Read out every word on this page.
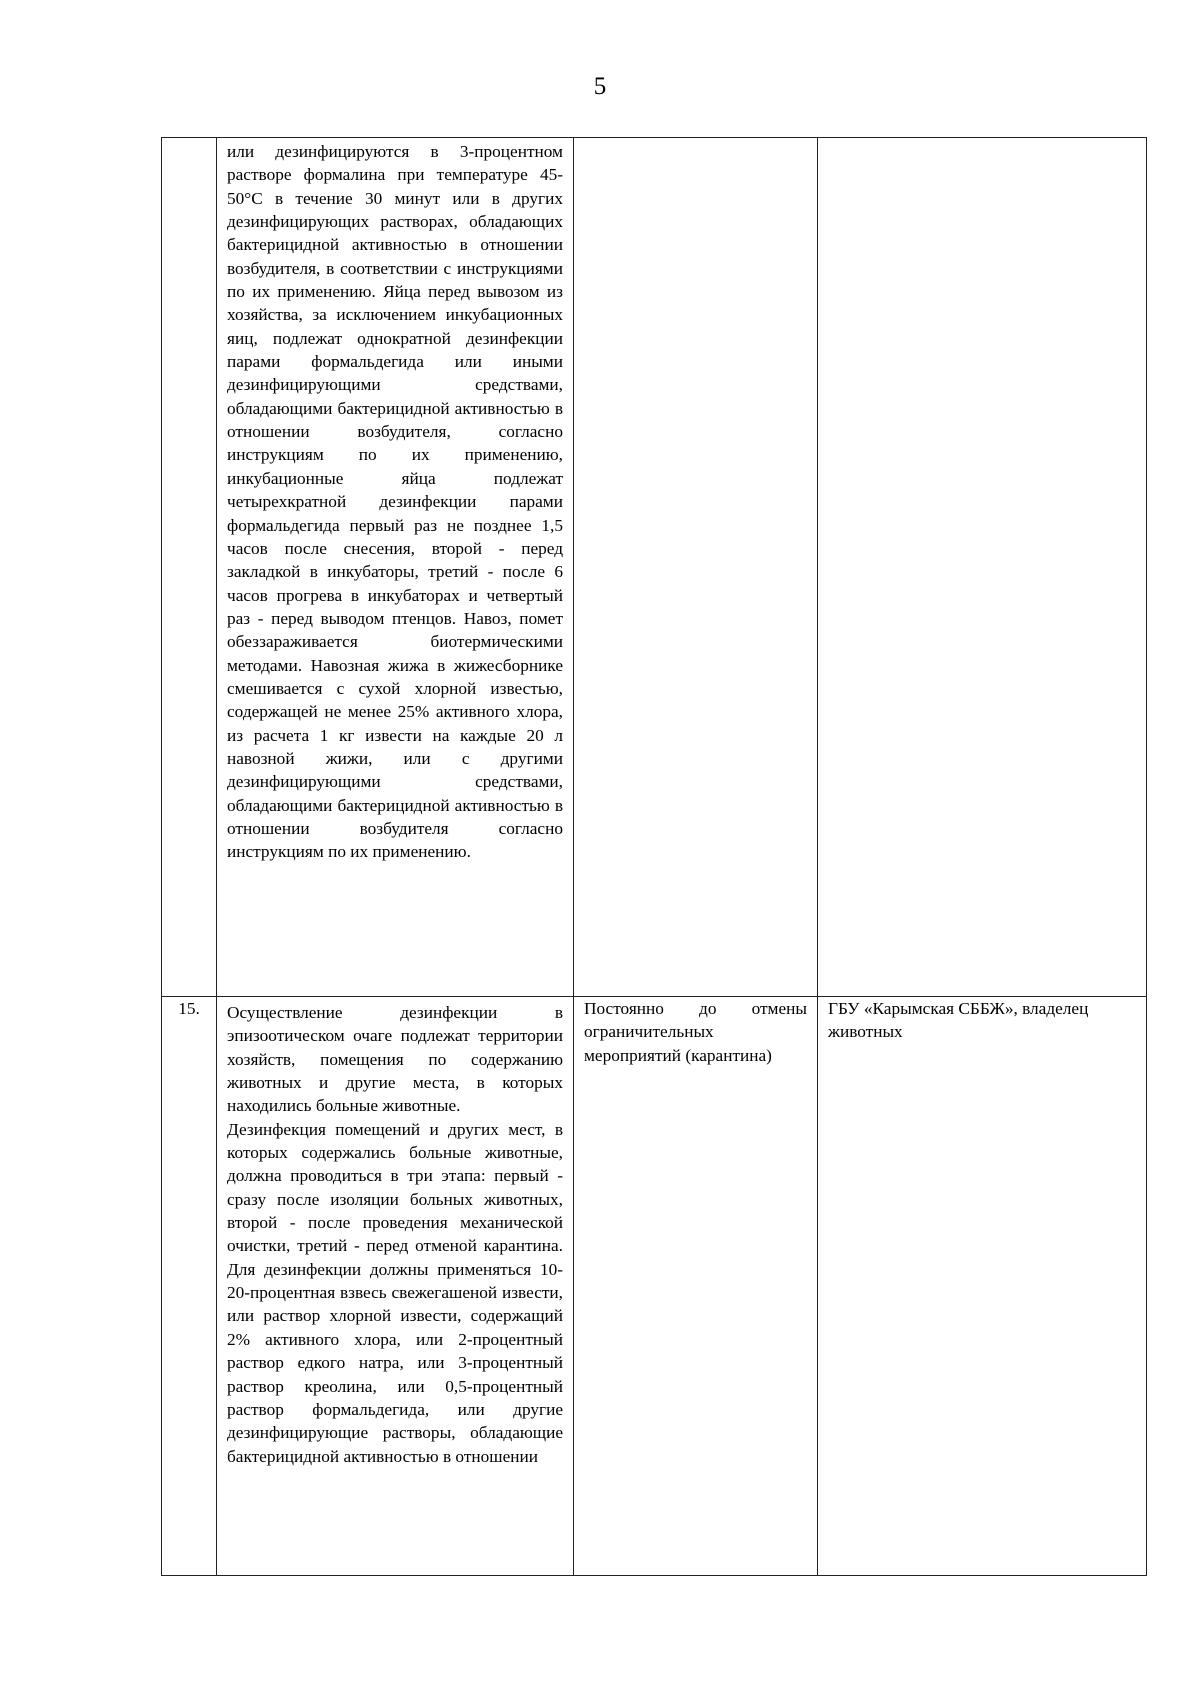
5

	или дезинфицируются в 3-процентном растворе формалина при температуре 45-50°C в течение 30 минут или в других дезинфицирующих растворах, обладающих бактерицидной активностью в отношении возбудителя, в соответствии с инструкциями по их применению. Яйца перед вывозом из хозяйства, за исключением инкубационных яиц, подлежат однократной дезинфекции парами формальдегида или иными дезинфицирующими средствами, обладающими бактерицидной активностью в отношении возбудителя, согласно инструкциям по их применению, инкубационные яйца подлежат четырехкратной дезинфекции парами формальдегида первый раз не позднее 1,5 часов после снесения, второй - перед закладкой в инкубаторы, третий - после 6 часов прогрева в инкубаторах и четвертый раз - перед выводом птенцов. Навоз, помет обеззараживается биотермическими методами. Навозная жижа в жижесборнике смешивается с сухой хлорной известью, содержащей не менее 25% активного хлора, из расчета 1 кг извести на каждые 20 л навозной жижи, или с другими дезинфицирующими средствами, обладающими бактерицидной активностью в отношении возбудителя согласно инструкциям по их применению.		

15.	Осуществление дезинфекции в эпизоотическом очаге подлежат территории хозяйств, помещения по содержанию животных и другие места, в которых находились больные животные.

Дезинфекция помещений и других мест, в которых содержались больные животные, должна проводиться в три этапа: первый - сразу после изоляции больных животных, второй - после проведения механической очистки, третий - перед отменой карантина. Для дезинфекции должны применяться 10-20-процентная взвесь свежегашеной извести, или раствор хлорной извести, содержащий 2% активного хлора, или 2-процентный раствор едкого натра, или 3-процентный раствор креолина, или 0,5-процентный раствор формальдегида, или другие дезинфицирующие растворы, обладающие бактерицидной активностью в отношении	Постоянно до отмены ограничительных мероприятий (карантина)	ГБУ «Карымская СББЖ», владелец животных
